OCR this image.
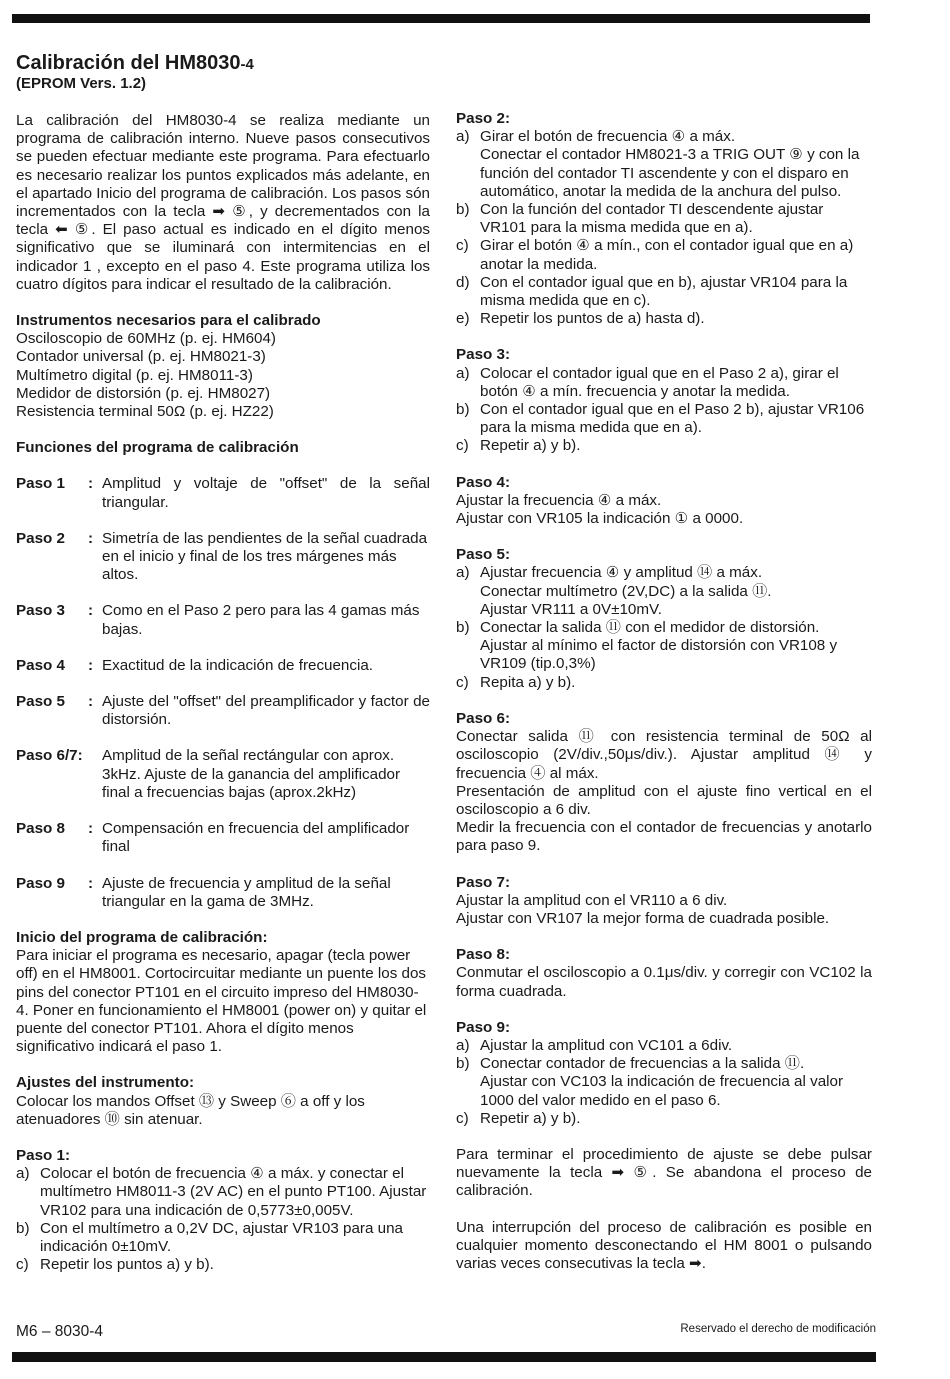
Calibración del HM8030-4
(EPROM Vers. 1.2)

La calibración del HM8030-4 se realiza mediante un programa de calibración interno. Nueve pasos consecutivos se pueden efectuar mediante este programa. Para efectuarlo es necesario realizar los puntos explicados más adelante, en el apartado Inicio del programa de calibración. Los pasos són incrementados con la tecla ➡ ⑤, y decrementados con la tecla ⬅ ⑤. El paso actual es indicado en el dígito menos significativo que se iluminará con intermitencias en el indicador 1 , excepto en el paso 4. Este programa utiliza los cuatro dígitos para indicar el resultado de la calibración.

Instrumentos necesarios para el calibrado
Osciloscopio de 60MHz (p. ej. HM604)
Contador universal (p. ej. HM8021-3)
Multímetro digital (p. ej. HM8011-3)
Medidor de distorsión (p. ej. HM8027)
Resistencia terminal 50Ω (p. ej. HZ22)
Funciones del programa de calibración
Paso 1	: Amplitud y voltaje de "offset" de la señal triangular.
Paso 2	: Simetría de las pendientes de la señal cuadrada en el inicio y final de los tres márgenes más altos.
Paso 3	: Como en el Paso 2 pero para las 4 gamas más bajas.
Paso 4	: Exactitud de la indicación de frecuencia.
Paso 5	: Ajuste del "offset" del preamplificador y factor de distorsión.
Paso 6/7:	Amplitud de la señal rectángular con aprox. 3kHz. Ajuste de la ganancia del amplificador final a frecuencias bajas (aprox.2kHz)
Paso 8	: Compensación en frecuencia del amplificador final
Paso 9	: Ajuste de frecuencia y amplitud de la señal triangular en la gama de 3MHz.
Inicio del programa de calibración:

Para iniciar el programa es necesario, apagar (tecla power off) en el HM8001. Cortocircuitar mediante un puente los dos pins del conector PT101 en el circuito impreso del HM8030-4. Poner en funcionamiento el HM8001 (power on) y quitar el puente del conector PT101. Ahora el dígito menos significativo indicará el paso 1.

Ajustes del instrumento:

Colocar los mandos Offset ⑬ y Sweep ⑥ a off y los atenuadores ⑩ sin atenuar.

Paso 1:
a) Colocar el botón de frecuencia ④ a máx. y conectar el multímetro HM8011-3 (2V AC) en el punto PT100. Ajustar VR102 para una indicación de 0,5773±0,005V.
b) Con el multímetro a 0,2V DC, ajustar VR103 para una indicación 0±10mV.
c) Repetir los puntos a) y b).
Paso 2:
a) Girar el botón de frecuencia ④ a máx.
Conectar el contador HM8021-3 a TRIG OUT ⑨ y con la función del contador TI ascendente y con el disparo en automático, anotar la medida de la anchura del pulso.
b) Con la función del contador TI descendente ajustar VR101 para la misma medida que en a).
c) Girar el botón ④ a mín., con el contador igual que en a) anotar la medida.
d) Con el contador igual que en b), ajustar VR104 para la misma medida que en c).
e) Repetir los puntos de a) hasta d).
Paso 3:
a) Colocar el contador igual que en el Paso 2 a), girar el botón ④ a mín. frecuencia y anotar la medida.
b) Con el contador igual que en el Paso 2 b), ajustar VR106 para la misma medida que en a).
c) Repetir a) y b).
Paso 4:
Ajustar la frecuencia ④ a máx.
Ajustar con VR105 la indicación ① a 0000.
Paso 5:
a) Ajustar frecuencia ④ y amplitud ⑭ a máx.
Conectar multímetro (2V,DC) a la salida ⑪.
Ajustar VR111 a 0V±10mV.
b) Conectar la salida ⑪ con el medidor de distorsión.
Ajustar al mínimo el factor de distorsión con VR108 y VR109 (tip.0,3%)
c) Repita a) y b).
Paso 6:

Conectar salida ⑪ con resistencia terminal de 50Ω al osciloscopio (2V/div.,50μs/div.). Ajustar amplitud ⑭ y frecuencia ④ al máx.

Presentación de amplitud con el ajuste fino vertical en el osciloscopio a 6 div.

Medir la frecuencia con el contador de frecuencias y anotarlo para paso 9.

Paso 7:
Ajustar la amplitud con el VR110 a 6 div.
Ajustar con VR107 la mejor forma de cuadrada posible.
Paso 8:

Conmutar el osciloscopio a 0.1μs/div. y corregir con VC102 la forma cuadrada.

Paso 9:
a) Ajustar la amplitud con VC101 a 6div.
b) Conectar contador de frecuencias a la salida ⑪.
Ajustar con VC103 la indicación de frecuencia al valor 1000 del valor medido en el paso 6.
c) Repetir a) y b).

Para terminar el procedimiento de ajuste se debe pulsar nuevamente la tecla ➡ ⑤. Se abandona el proceso de calibración.

Una interrupción del proceso de calibración es posible en cualquier momento desconectando el HM 8001 o pulsando varias veces consecutivas la tecla ➡.

M6 – 8030-4	Reservado el derecho de modificación
